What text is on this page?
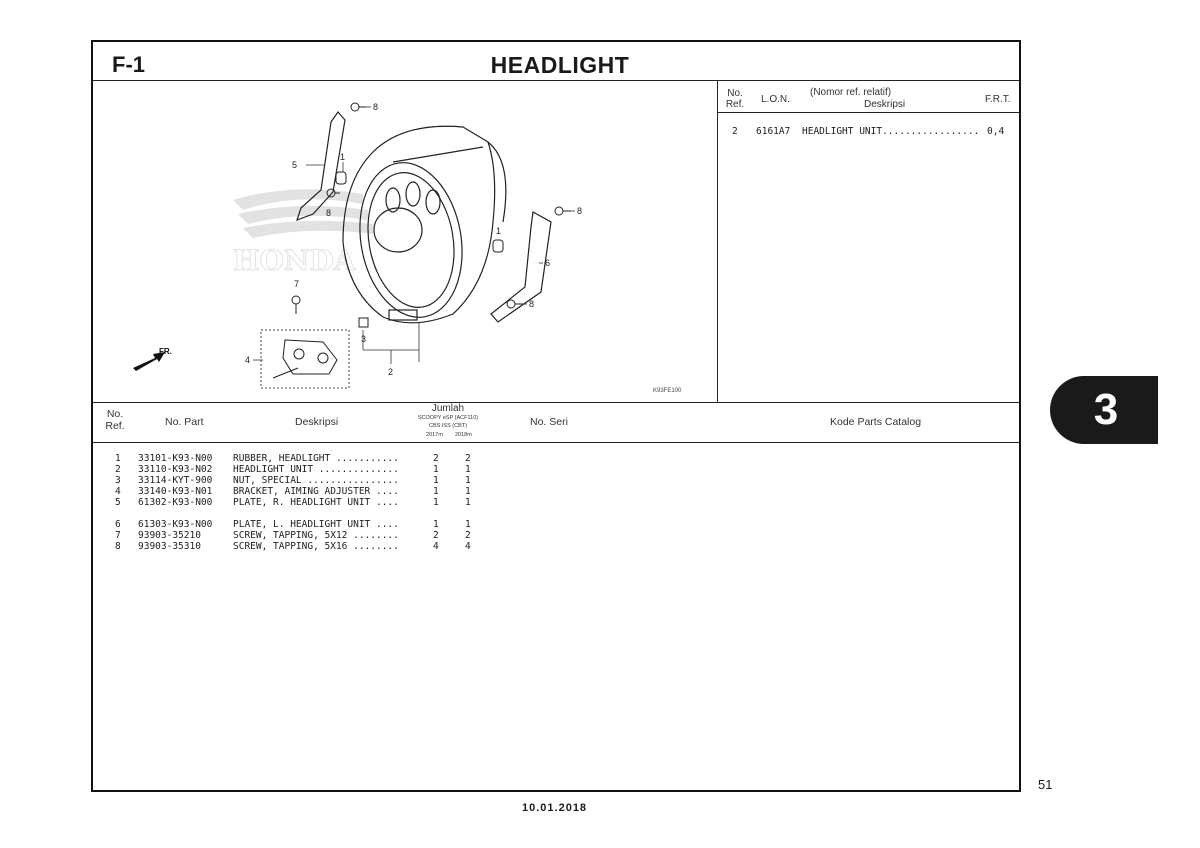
F-1	HEADLIGHT
No.
Ref.	L.O.N.
(Nomor ref. relatif)
Deskripsi	F.R.T.
2 6161A7 HEADLIGHT UNIT................. 0,4
HONDA
8
5
1
8	8
1
6
8
7
4
3
2
FR.
K93FE100
No.
Ref.	No. Part	Deskripsi
Jumlah
SCOOPY eSP (ACF110)
CBS ISS (CBT)
2017m 2018m
No. Seri	Kode Parts Catalog
1 33101-K93-N00 RUBBER, HEADLIGHT ...........	2	2
2 33110-K93-N02 HEADLIGHT UNIT ..............	1	1
3 33114-KYT-900 NUT, SPECIAL ................	1	1
4 33140-K93-N01 BRACKET, AIMING ADJUSTER ....	1	1
5 61302-K93-N00 PLATE, R. HEADLIGHT UNIT ....	1	1
6 61303-K93-N00 PLATE, L. HEADLIGHT UNIT ....	1	1
7 93903-35210	SCREW, TAPPING, 5X12 ........	2	2
8 93903-35310	SCREW, TAPPING, 5X16 ........	4	4
3
51
10.01.2018
